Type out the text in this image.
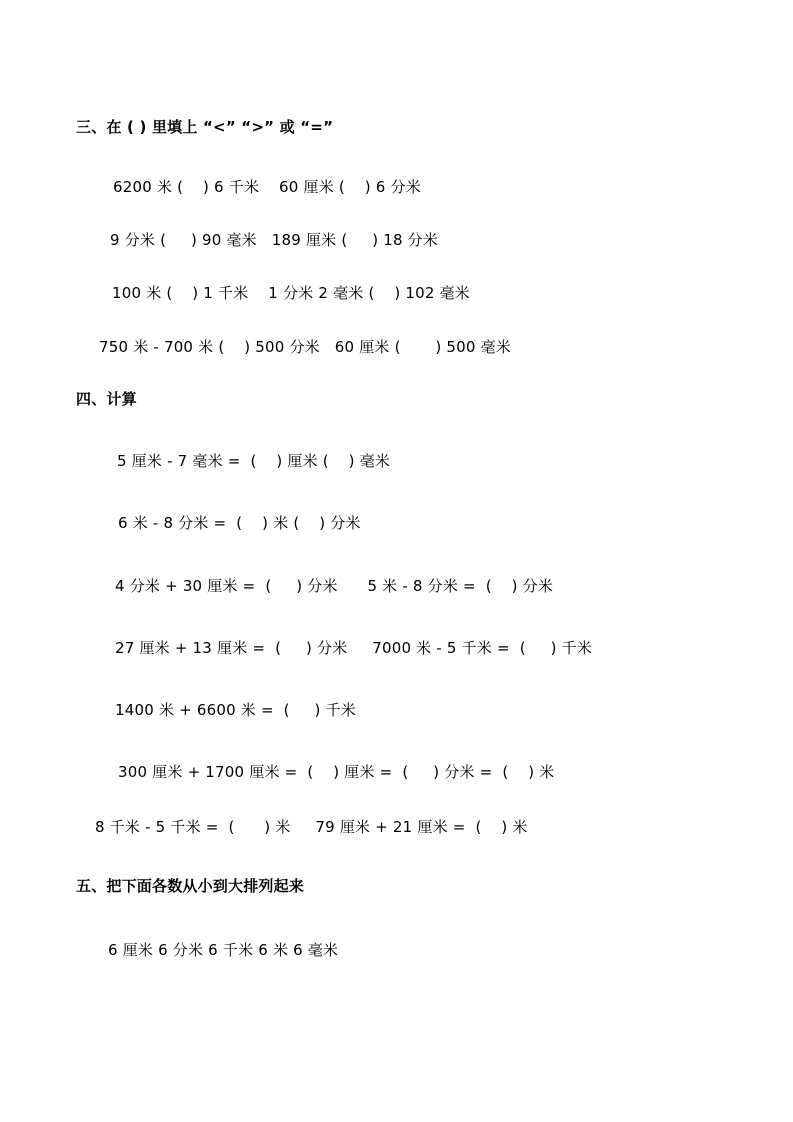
三、在 ( ) 里填上 “<” “>” 或 “=”

6200 米 (    ) 6 千米    60 厘米 (    ) 6 分米

9 分米 (     ) 90 毫米   189 厘米 (     ) 18 分米

100 米 (    ) 1 千米    1 分米 2 毫米 (    ) 102 毫米

750 米 - 700 米 (    ) 500 分米   60 厘米 (       ) 500 毫米

四、计算

5 厘米 - 7 毫米 =  (    ) 厘米 (    ) 毫米

6 米 - 8 分米 =  (    ) 米 (    ) 分米

4 分米 + 30 厘米 =  (     ) 分米      5 米 - 8 分米 =  (    ) 分米

27 厘米 + 13 厘米 =  (     ) 分米     7000 米 - 5 千米 =  (     ) 千米

1400 米 + 6600 米 =  (     ) 千米

300 厘米 + 1700 厘米 =  (    ) 厘米 =  (     ) 分米 =  (    ) 米

8 千米 - 5 千米 =  (      ) 米     79 厘米 + 21 厘米 =  (    ) 米

五、把下面各数从小到大排列起来

6 厘米 6 分米 6 千米 6 米 6 毫米
